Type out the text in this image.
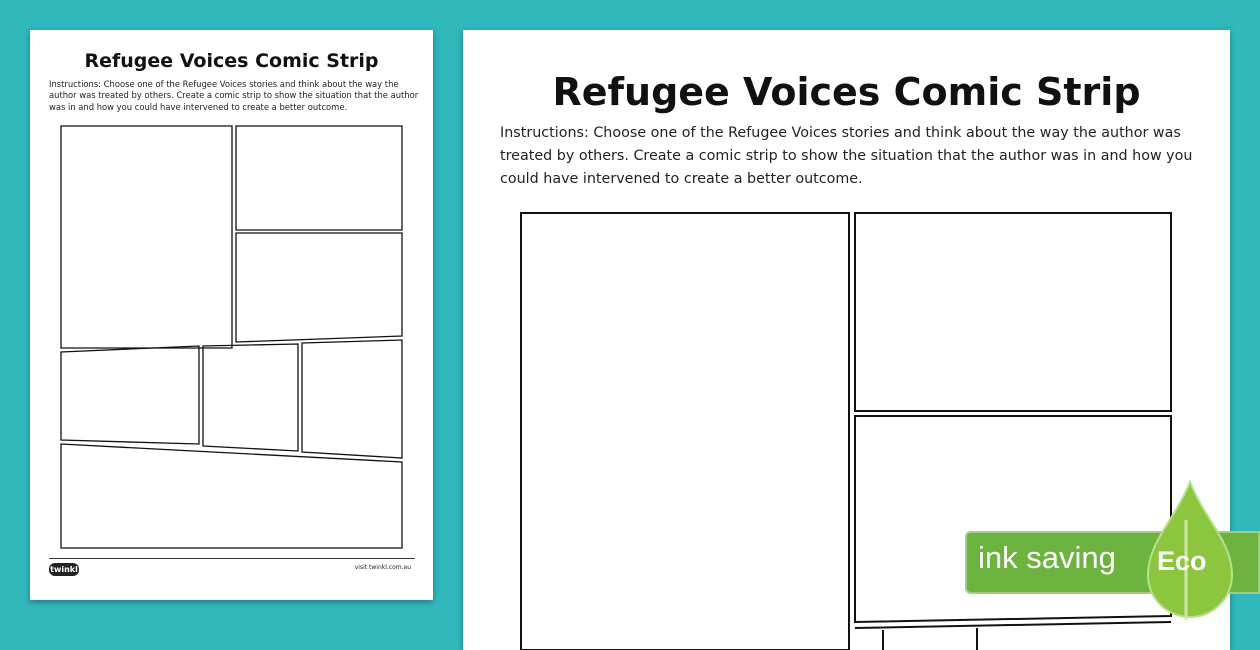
Refugee Voices Comic Strip
Instructions: Choose one of the Refugee Voices stories and think about the way the author was treated by others. Create a comic strip to show the situation that the author was in and how you could have intervened to create a better outcome.
twinkl	visit twinkl.com.au
Refugee Voices Comic Strip
Instructions: Choose one of the Refugee Voices stories and think about the way the author was treated by others. Create a comic strip to show the situation that the author was in and how you could have intervened to create a better outcome.
ink saving Eco
